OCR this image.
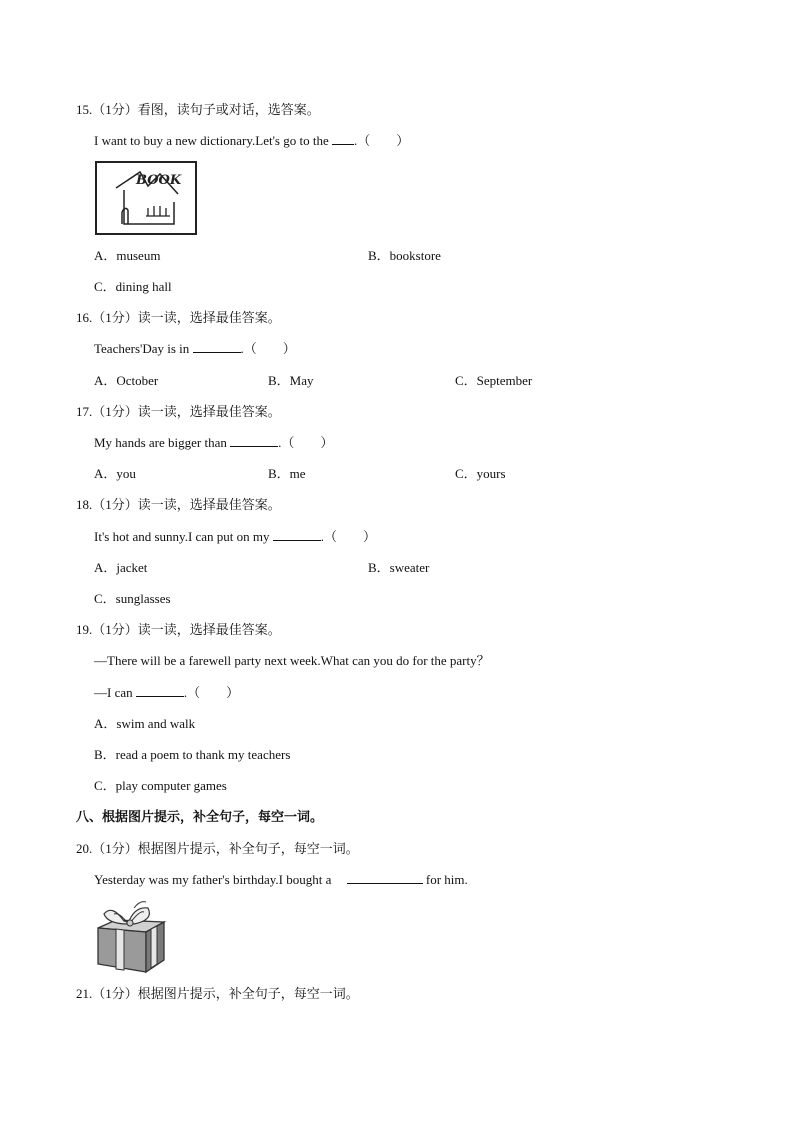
15.（1分）看图，读句子或对话，选答案。
I want to buy a new dictionary.Let's go to the .（　　）
BOOK
A．museum	B．bookstore
C．dining hall
16.（1分）读一读，选择最佳答案。
Teachers'Day is in	.（　　）
A．October	B．May	C．September
17.（1分）读一读，选择最佳答案。
My hands are bigger than	.（　　）
A．you	B．me	C．yours
18.（1分）读一读，选择最佳答案。
It's hot and sunny.I can put on my	.（　　）
A．jacket	B．sweater
C．sunglasses
19.（1分）读一读，选择最佳答案。
—There will be a farewell party next week.What can you do for the party？
—I can	.（　　）
A．swim and walk
B．read a poem to thank my teachers
C．play computer games
八、根据图片提示，补全句子，每空一词。
20.（1分）根据图片提示，补全句子，每空一词。
Yesterday was my father's birthday.I bought a	for him.
21.（1分）根据图片提示，补全句子，每空一词。
